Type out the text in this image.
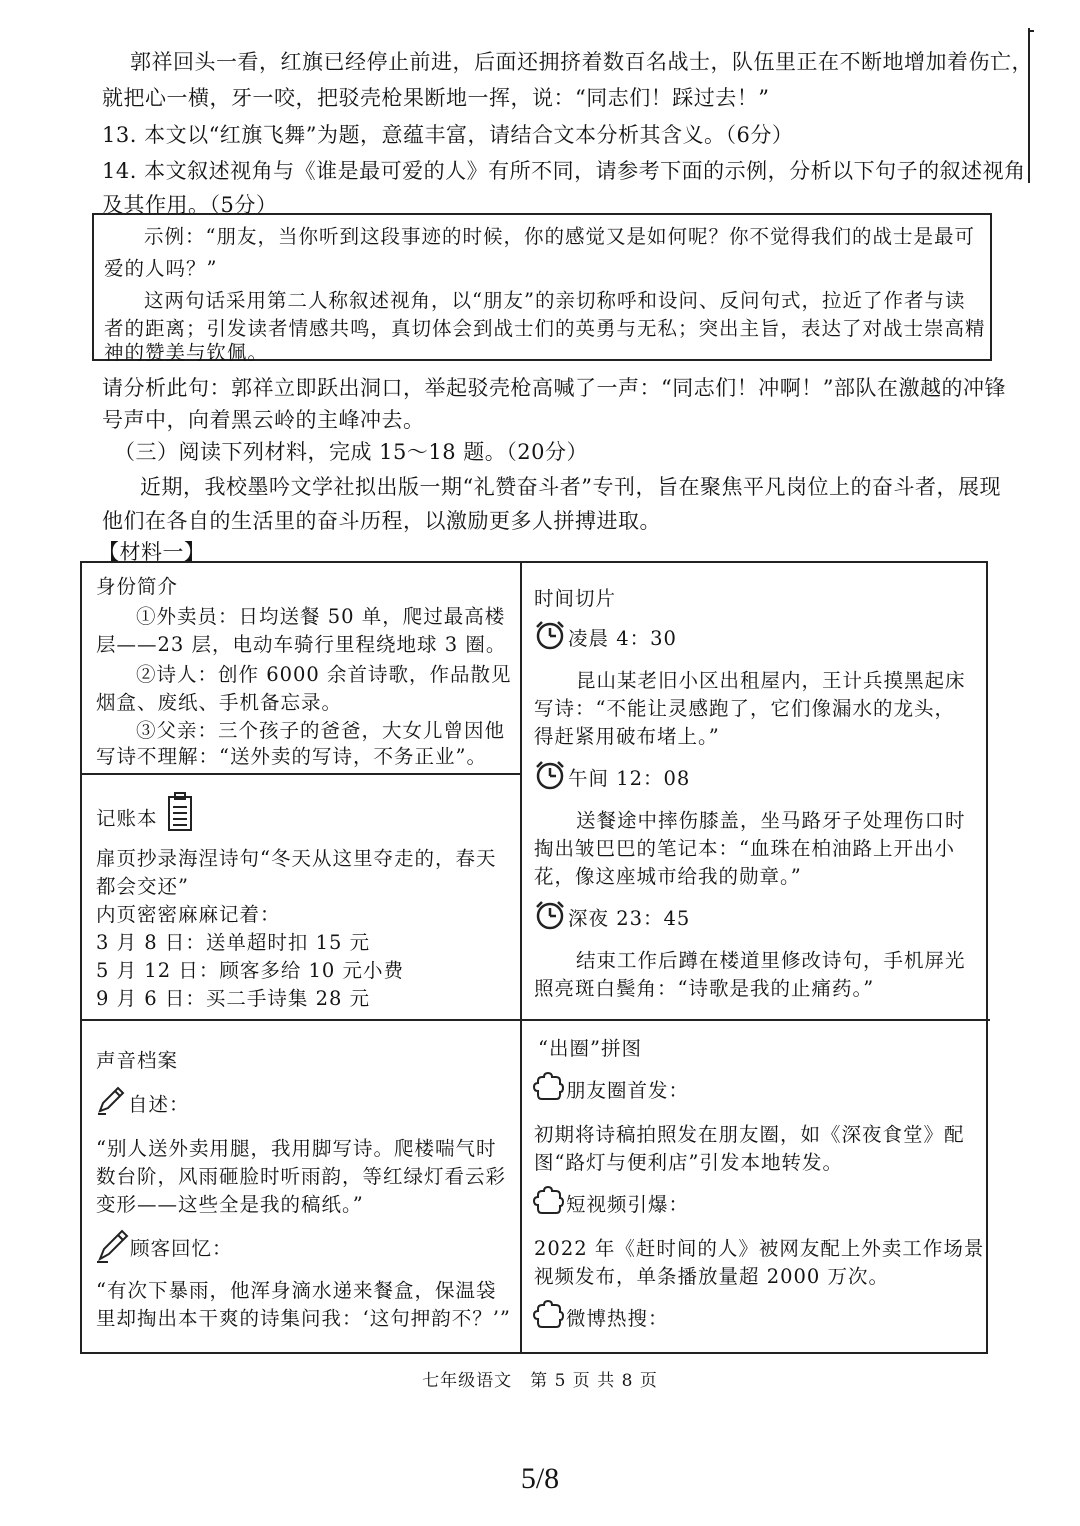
郭祥回头一看，红旗已经停止前进，后面还拥挤着数百名战士，队伍里正在不断地增加着伤亡，
就把心一横，牙一咬，把驳壳枪果断地一挥，说：“同志们！踩过去！”
13. 本文以“红旗飞舞”为题，意蕴丰富，请结合文本分析其含义。（6分）
14. 本文叙述视角与《谁是最可爱的人》有所不同，请参考下面的示例，分析以下句子的叙述视角
及其作用。（5分）
示例：“朋友，当你听到这段事迹的时候，你的感觉又是如何呢？你不觉得我们的战士是最可
爱的人吗？”
这两句话采用第二人称叙述视角，以“朋友”的亲切称呼和设问、反问句式，拉近了作者与读
者的距离；引发读者情感共鸣，真切体会到战士们的英勇与无私；突出主旨，表达了对战士崇高精
神的赞美与钦佩。
请分析此句：郭祥立即跃出洞口，举起驳壳枪高喊了一声：“同志们！冲啊！”部队在激越的冲锋
号声中，向着黑云岭的主峰冲去。
（三）阅读下列材料，完成 15～18 题。（20分）
近期，我校墨吟文学社拟出版一期“礼赞奋斗者”专刊，旨在聚焦平凡岗位上的奋斗者，展现
他们在各自的生活里的奋斗历程，以激励更多人拼搏进取。
【材料一】
身份简介
①外卖员：日均送餐 50 单，爬过最高楼
层——23 层，电动车骑行里程绕地球 3 圈。
②诗人：创作 6000 余首诗歌，作品散见
烟盒、废纸、手机备忘录。
③父亲：三个孩子的爸爸，大女儿曾因他
写诗不理解：“送外卖的写诗，不务正业”。
记账本
扉页抄录海涅诗句“冬天从这里夺走的，春天
都会交还”
内页密密麻麻记着：
3 月 8 日：送单超时扣 15 元
5 月 12 日：顾客多给 10 元小费
9 月 6 日：买二手诗集 28 元
时间切片
凌晨 4：30
昆山某老旧小区出租屋内，王计兵摸黑起床
写诗：“不能让灵感跑了，它们像漏水的龙头，
得赶紧用破布堵上。”
午间 12：08
送餐途中摔伤膝盖，坐马路牙子处理伤口时
掏出皱巴巴的笔记本：“血珠在柏油路上开出小
花，像这座城市给我的勋章。”
深夜 23：45
结束工作后蹲在楼道里修改诗句，手机屏光
照亮斑白鬓角：“诗歌是我的止痛药。”
声音档案
自述：
“别人送外卖用腿，我用脚写诗。爬楼喘气时
数台阶，风雨砸脸时听雨韵，等红绿灯看云彩
变形——这些全是我的稿纸。”
顾客回忆：
“有次下暴雨，他浑身滴水递来餐盒，保温袋
里却掏出本干爽的诗集问我：‘这句押韵不？’”
“出圈”拼图
朋友圈首发：
初期将诗稿拍照发在朋友圈，如《深夜食堂》配
图“路灯与便利店”引发本地转发。
短视频引爆：
2022 年《赶时间的人》被网友配上外卖工作场景
视频发布，单条播放量超 2000 万次。
微博热搜：
七年级语文　第 5 页 共 8 页
5/8
